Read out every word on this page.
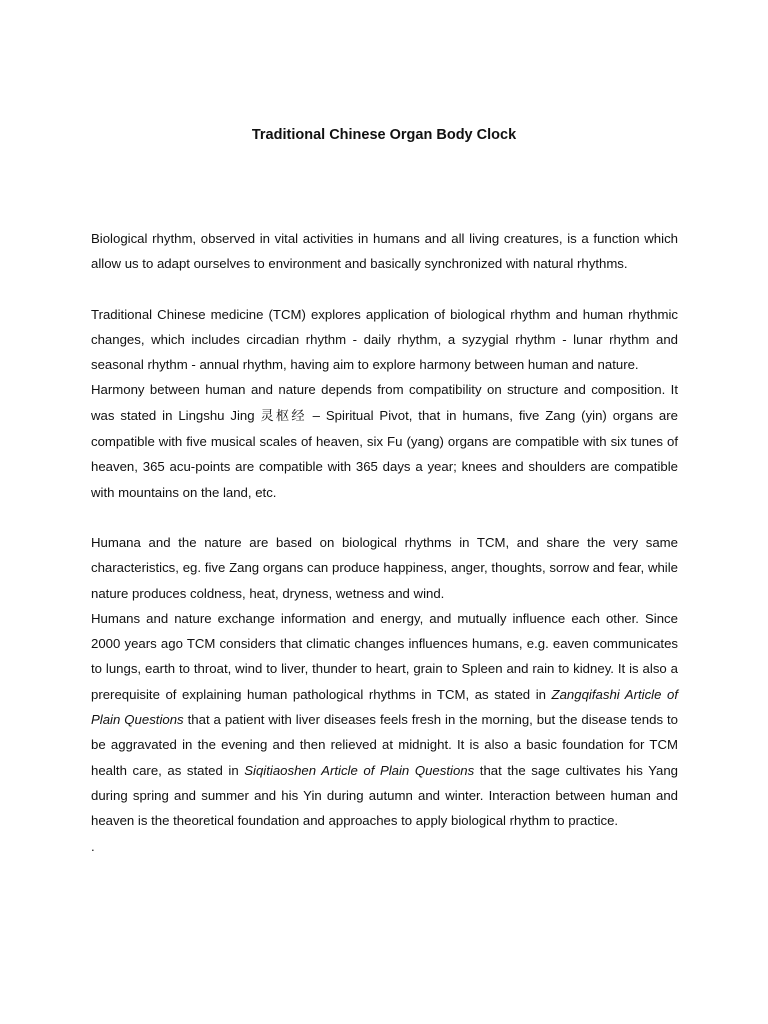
Traditional Chinese Organ Body Clock

Biological rhythm, observed in vital activities in humans and all living creatures, is a function which allow us to adapt ourselves to environment and basically synchronized with natural rhythms.

Traditional Chinese medicine (TCM) explores application of biological rhythm and human rhythmic changes, which includes circadian rhythm - daily rhythm, a syzygial rhythm - lunar rhythm and seasonal rhythm - annual rhythm, having aim to explore harmony between human and nature.

Harmony between human and nature depends from compatibility on structure and composition. It was stated in Lingshu Jing 灵枢经 – Spiritual Pivot, that in humans, five Zang (yin) organs are compatible with five musical scales of heaven, six Fu (yang) organs are compatible with six tunes of heaven, 365 acu-points are compatible with 365 days a year; knees and shoulders are compatible with mountains on the land, etc.

Humana and the nature are based on biological rhythms in TCM, and share the very same characteristics, eg. five Zang organs can produce happiness, anger, thoughts, sorrow and fear, while nature produces coldness, heat, dryness, wetness and wind.

Humans and nature exchange information and energy, and mutually influence each other. Since 2000 years ago TCM considers that climatic changes influences humans, e.g. eaven communicates to lungs, earth to throat, wind to liver, thunder to heart, grain to Spleen and rain to kidney. It is also a prerequisite of explaining human pathological rhythms in TCM, as stated in Zangqifashi Article of Plain Questions that a patient with liver diseases feels fresh in the morning, but the disease tends to be aggravated in the evening and then relieved at midnight. It is also a basic foundation for TCM health care, as stated in Siqitiaoshen Article of Plain Questions that the sage cultivates his Yang during spring and summer and his Yin during autumn and winter. Interaction between human and heaven is the theoretical foundation and approaches to apply biological rhythm to practice.

.
